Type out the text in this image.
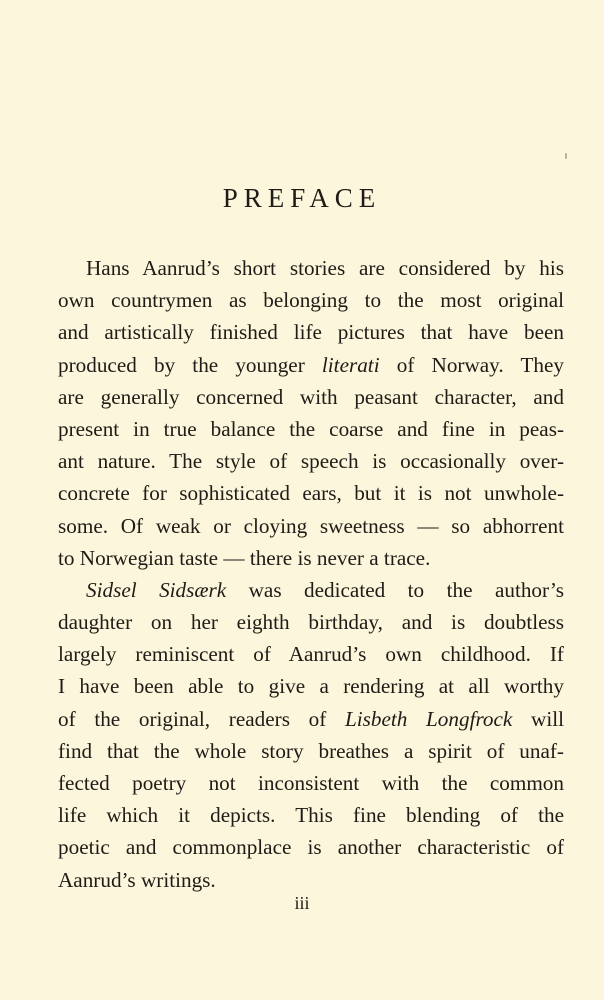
PREFACE
Hans Aanrud’s short stories are considered by his
own countrymen as belonging to the most original
and artistically finished life pictures that have been
produced by the younger literati of Norway. They
are generally concerned with peasant character, and
present in true balance the coarse and fine in peas-
ant nature. The style of speech is occasionally over-
concrete for sophisticated ears, but it is not unwhole-
some. Of weak or cloying sweetness — so abhorrent
to Norwegian taste — there is never a trace.
Sidsel Sidsærk was dedicated to the author’s
daughter on her eighth birthday, and is doubtless
largely reminiscent of Aanrud’s own childhood. If
I have been able to give a rendering at all worthy
of the original, readers of Lisbeth Longfrock will
find that the whole story breathes a spirit of unaf-
fected poetry not inconsistent with the common
life which it depicts. This fine blending of the
poetic and commonplace is another characteristic of
Aanrud’s writings.
iii
